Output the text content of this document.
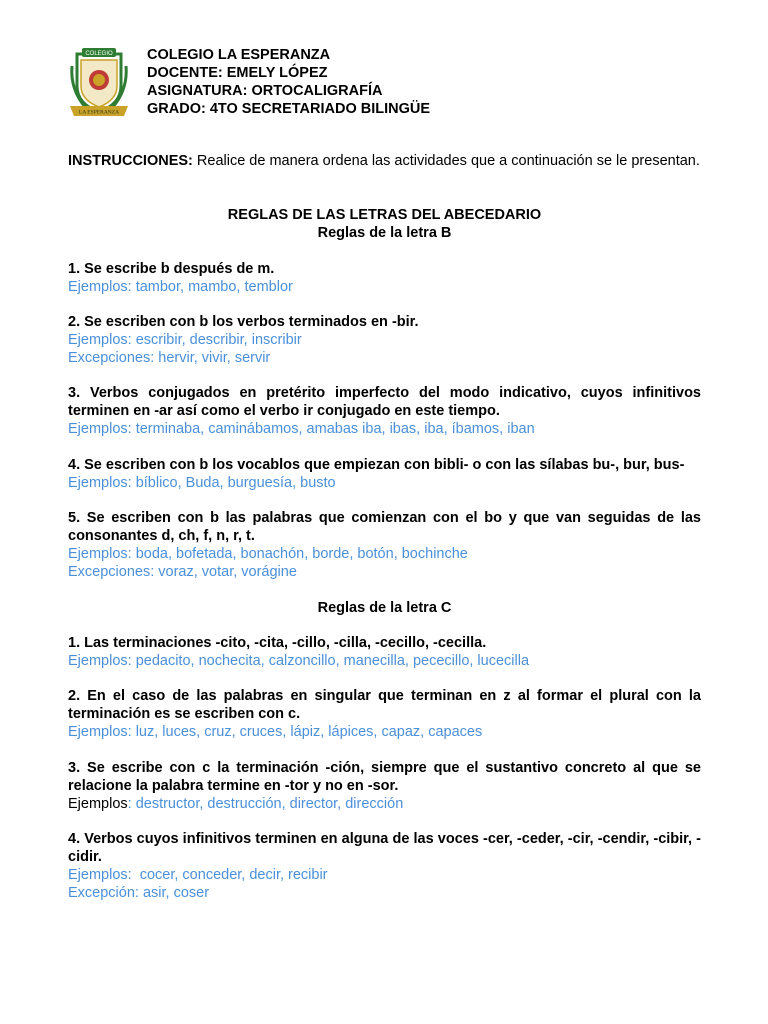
COLEGIO
LA ESPERANZA
COLEGIO LA ESPERANZA
DOCENTE: EMELY LÓPEZ
ASIGNATURA: ORTOCALIGRAFÍA
GRADO: 4TO SECRETARIADO BILINGÜE
INSTRUCCIONES: Realice de manera ordena las actividades que a continuación se le presentan.
REGLAS DE LAS LETRAS DEL ABECEDARIO
Reglas de la letra B
1. Se escribe b después de m.
Ejemplos: tambor, mambo, temblor
2. Se escriben con b los verbos terminados en -bir.
Ejemplos: escribir, describir, inscribir
Excepciones: hervir, vivir, servir
3. Verbos conjugados en pretérito imperfecto del modo indicativo, cuyos infinitivos terminen en -ar así como el verbo ir conjugado en este tiempo.
Ejemplos: terminaba, caminábamos, amabas iba, ibas, iba, íbamos, iban
4. Se escriben con b los vocablos que empiezan con bibli- o con las sílabas bu-, bur, bus-
Ejemplos: bíblico, Buda, burguesía, busto
5. Se escriben con b las palabras que comienzan con el bo y que van seguidas de las consonantes d, ch, f, n, r, t.
Ejemplos: boda, bofetada, bonachón, borde, botón, bochinche
Excepciones: voraz, votar, vorágine
Reglas de la letra C
1. Las terminaciones -cito, -cita, -cillo, -cilla, -cecillo, -cecilla.
Ejemplos: pedacito, nochecita, calzoncillo, manecilla, pececillo, lucecilla
2. En el caso de las palabras en singular que terminan en z al formar el plural con la terminación es se escriben con c.
Ejemplos: luz, luces, cruz, cruces, lápiz, lápices, capaz, capaces
3. Se escribe con c la terminación -ción, siempre que el sustantivo concreto al que se relacione la palabra termine en -tor y no en -sor.
Ejemplos: destructor, destrucción, director, dirección
4. Verbos cuyos infinitivos terminen en alguna de las voces -cer, -ceder, -cir, -cendir, -cibir, -cidir.
Ejemplos:  cocer, conceder, decir, recibir
Excepción: asir, coser
